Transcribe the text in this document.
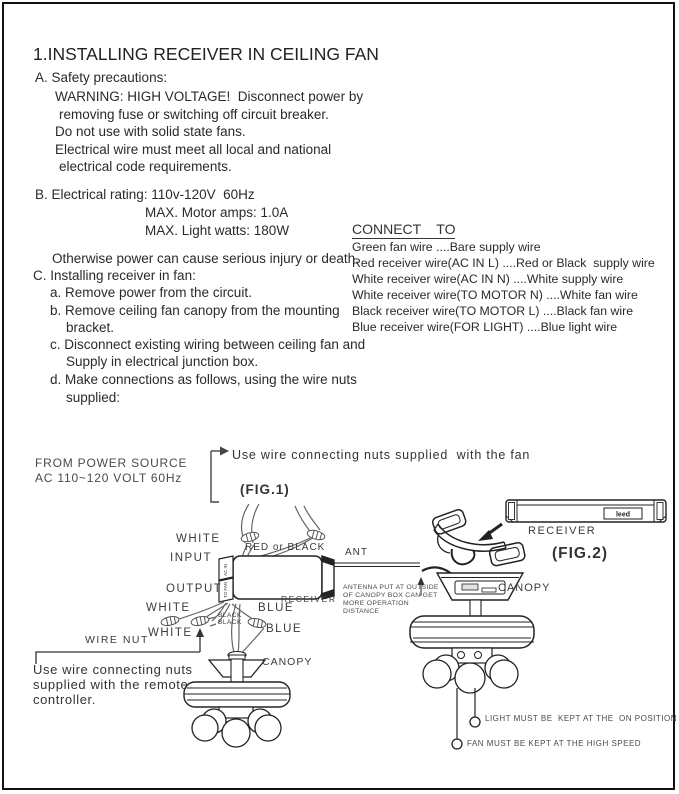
1.INSTALLING RECEIVER IN CEILING FAN
A. Safety precautions:
WARNING: HIGH VOLTAGE!  Disconnect power by
removing fuse or switching off circuit breaker.
Do not use with solid state fans.
Electrical wire must meet all local and national
electrical code requirements.
B. Electrical rating: 110v-120V  60Hz
MAX. Motor amps: 1.0A
MAX. Light watts: 180W
Otherwise power can cause serious injury or death.
C. Installing receiver in fan:
a. Remove power from the circuit.
b. Remove ceiling fan canopy from the mounting
bracket.
c. Disconnect existing wiring between ceiling fan and
Supply in electrical junction box.
d. Make connections as follows, using the wire nuts
supplied:
CONNECT    TO
Green fan wire ....Bare supply wire
Red receiver wire(AC IN L) ....Red or Black  supply wire
White receiver wire(AC IN N) ....White supply wire
White receiver wire(TO MOTOR N) ....White fan wire
Black receiver wire(TO MOTOR L) ....Black fan wire
Blue receiver wire(FOR LIGHT) ....Blue light wire
AC IN
TO FAN
leed
Use wire connecting nuts supplied  with the fan
FROM POWER SOURCE
AC 110~120 VOLT 60Hz
(FIG.1)
WHITE
RED or BLACK
INPUT	ANT
OUTPUT
RECEIVER
WHITE	BLUE
BLACK
BLACK
WHITE	BLUE
WIRE NUT
CANOPY
Use wire connecting nuts
supplied with the remote
controller.
ANTENNA PUT AT OUTSIDE
OF CANOPY BOX CAN GET
MORE OPERATION
DISTANCE
RECEIVER
(FIG.2)
CANOPY
LIGHT MUST BE  KEPT AT THE  ON POSITION
FAN MUST BE KEPT AT THE HIGH SPEED
